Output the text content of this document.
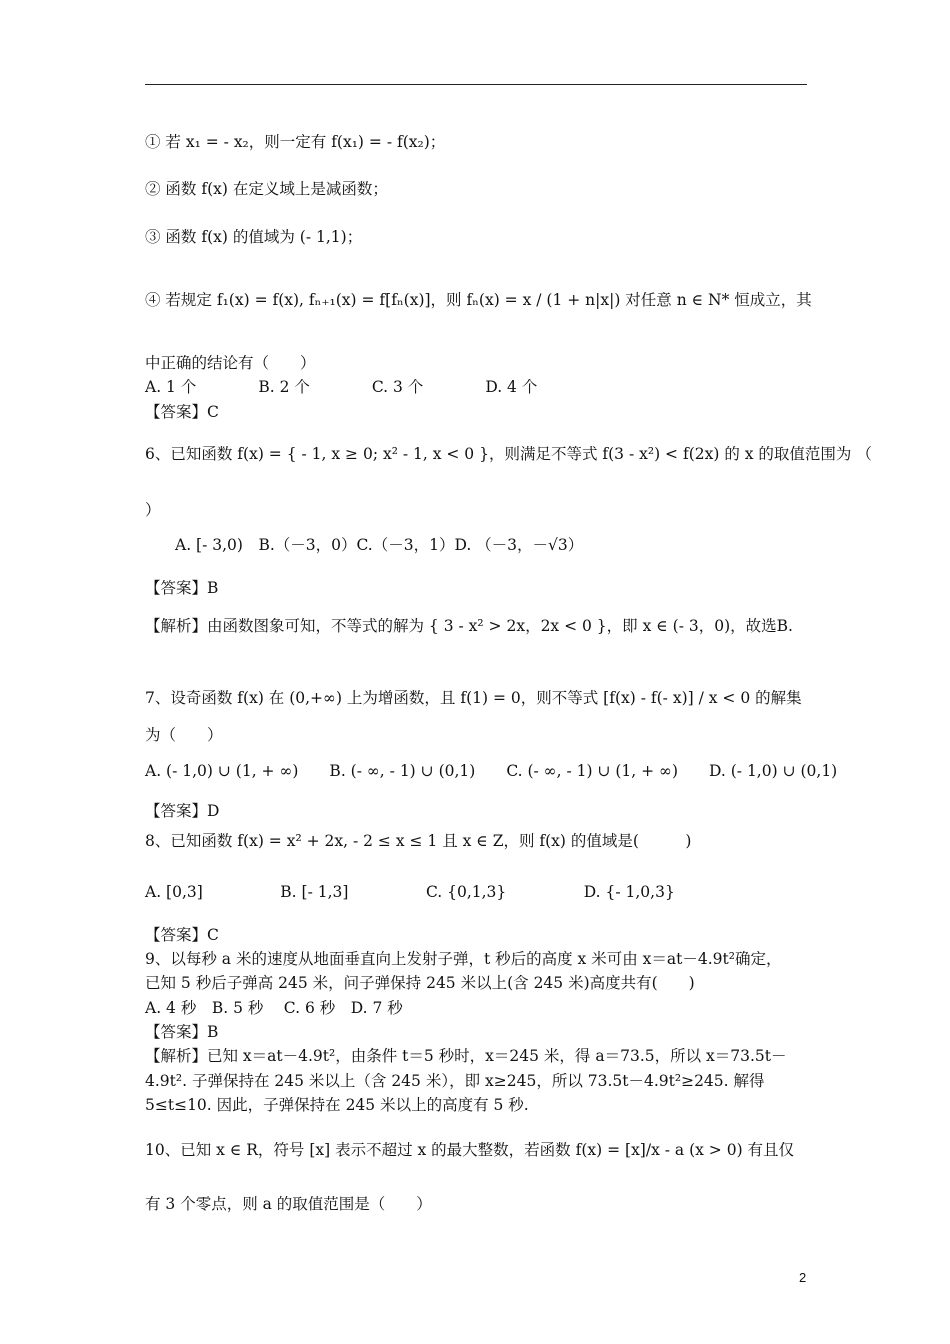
① 若 x₁ = - x₂，则一定有 f(x₁) = - f(x₂)；
② 函数 f(x) 在定义域上是减函数；
③ 函数 f(x) 的值域为 (- 1,1)；
④ 若规定 f₁(x) = f(x), fₙ₊₁(x) = f[fₙ(x)]，则 fₙ(x) = x / (1 + n|x|) 对任意 n ∈ N* 恒成立，其
中正确的结论有（　　）
A. 1 个　　　　B. 2 个　　　　C. 3 个　　　　D. 4 个
【答案】C
6、已知函数 f(x) = { - 1, x ≥ 0; x² - 1, x < 0 }，则满足不等式 f(3 - x²) < f(2x) 的 x 的取值范围为 （
）
A. [- 3,0)　B.（－3，0）C.（－3，1）D. （－3，－√3）
【答案】B
【解析】由函数图象可知，不等式的解为 { 3 - x² > 2x，2x < 0 }，即 x ∈ (- 3，0)，故选B.
7、设奇函数 f(x) 在 (0,+∞) 上为增函数，且 f(1) = 0，则不等式 [f(x) - f(- x)] / x < 0 的解集
为（　　）
A. (- 1,0) ∪ (1, + ∞)　　B. (- ∞, - 1) ∪ (0,1)　　C. (- ∞, - 1) ∪ (1, + ∞)　　D. (- 1,0) ∪ (0,1)
【答案】D
8、已知函数 f(x) = x² + 2x, - 2 ≤ x ≤ 1 且 x ∈ Z，则 f(x) 的值域是(　　　)
A. [0,3]　　　　　B. [- 1,3]　　　　　C. {0,1,3}　　　　　D. {- 1,0,3}
【答案】C
9、以每秒 a 米的速度从地面垂直向上发射子弹，t 秒后的高度 x 米可由 x＝at－4.9t²确定，
已知 5 秒后子弹高 245 米，问子弹保持 245 米以上(含 245 米)高度共有(　　)
A. 4 秒　B. 5 秒　 C. 6 秒　D. 7 秒
【答案】B
【解析】已知 x＝at－4.9t²，由条件 t＝5 秒时，x＝245 米，得 a＝73.5，所以 x＝73.5t－
4.9t². 子弹保持在 245 米以上（含 245 米），即 x≥245，所以 73.5t－4.9t²≥245. 解得
5≤t≤10. 因此，子弹保持在 245 米以上的高度有 5 秒.
10、已知 x ∈ R，符号 [x] 表示不超过 x 的最大整数，若函数 f(x) = [x]/x - a (x > 0) 有且仅
有 3 个零点，则 a 的取值范围是（　　）
2
